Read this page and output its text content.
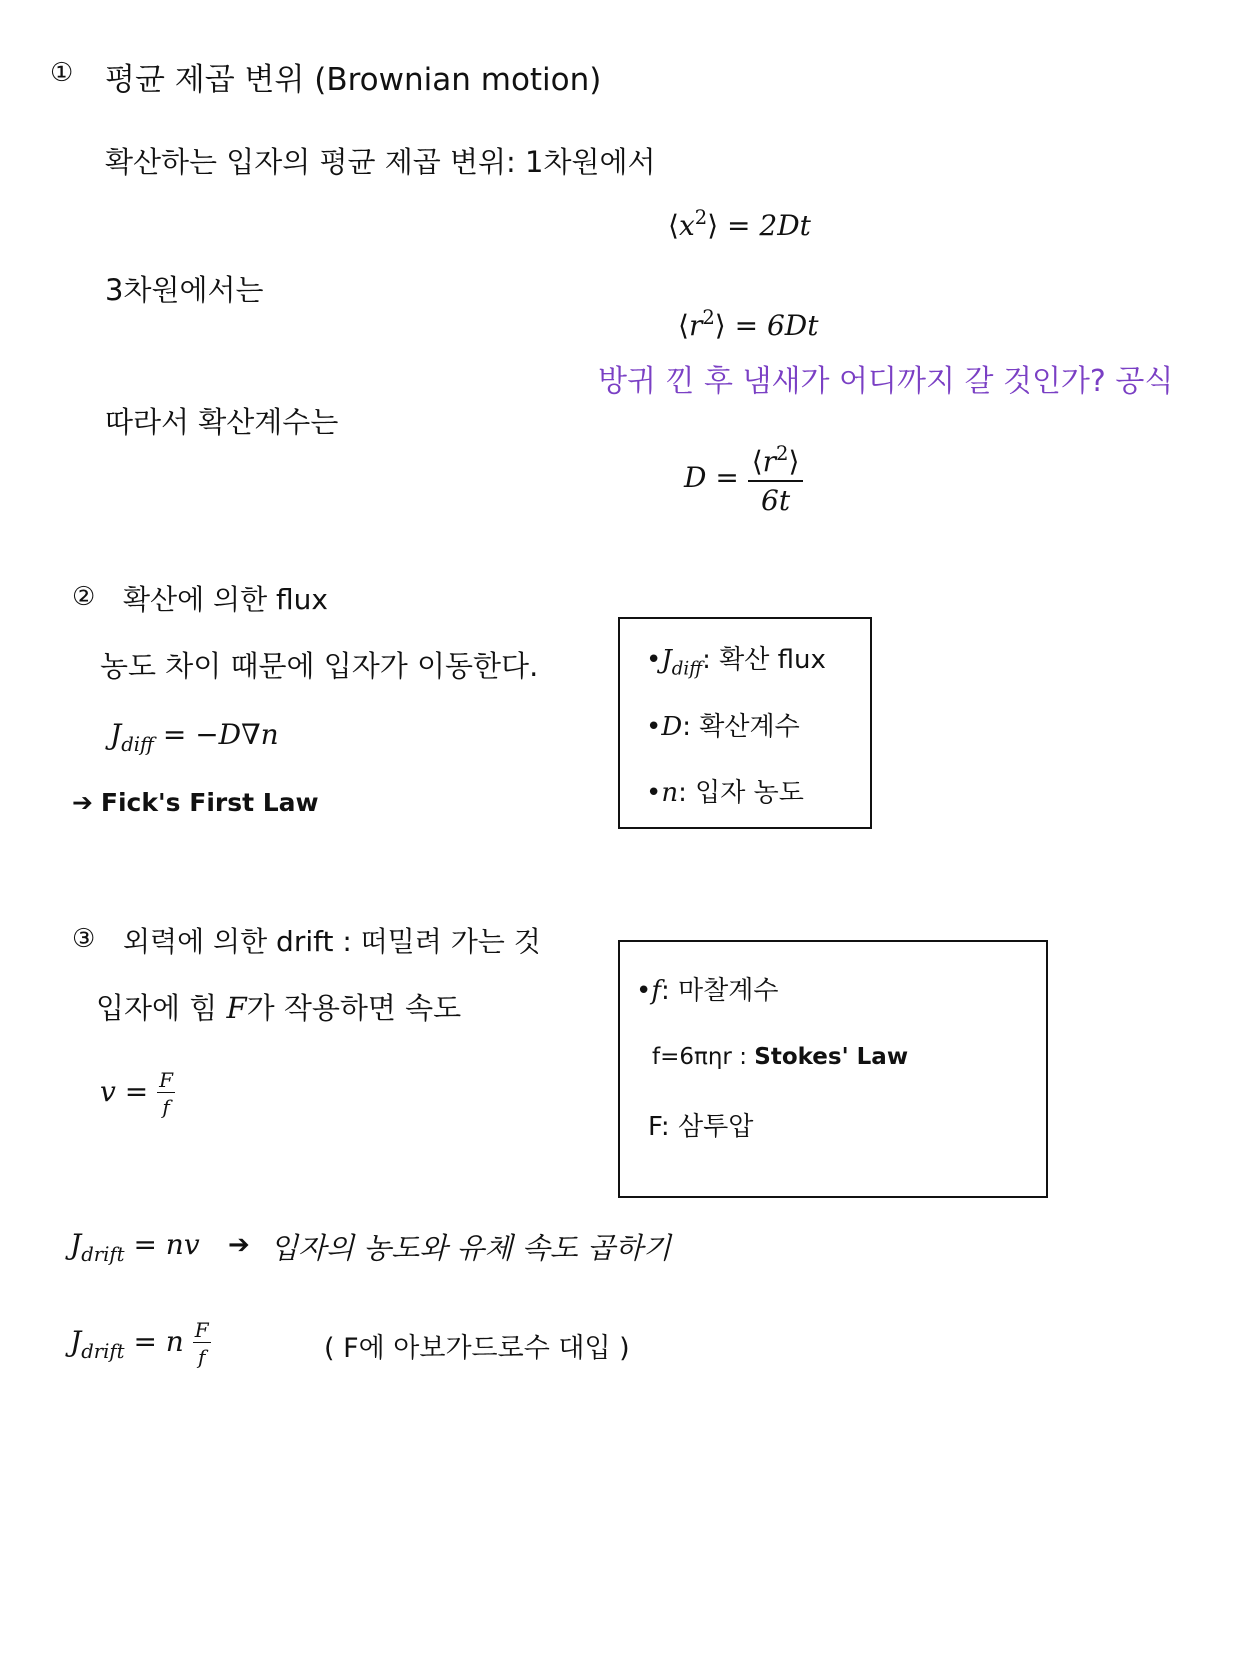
① 평균 제곱 변위 (Brownian motion)
확산하는 입자의 평균 제곱 변위: 1차원에서
$⟨x^2⟩ = 2Dt$
3차원에서는
$⟨r^2⟩ = 6Dt$
방귀 낀 후 냄새가 어디까지 갈 것인가? 공식
따라서 확산계수는
$D = \frac{⟨r^2⟩}{6t}$
② 확산에 의한 flux
농도 차이 때문에 입자가 이동한다.
$J_{diff} = -D\nabla n$
➔ Fick's First Law
$•J_{diff}$: 확산 flux
•D: 확산계수
•n: 입자 농도
③ 외력에 의한 drift : 떠밀려 가는 것
입자에 힘 F가 작용하면 속도
$v = \frac{F}{f}$
•f: 마찰계수
f=6πηr : Stokes' Law
F: 삼투압
$J_{drift}$ = nv ➔ 입자의 농도와 유체 속도 곱하기
$J_{drift} = n \frac{F}{f}$	( F에 아보가드로수 대입 )
